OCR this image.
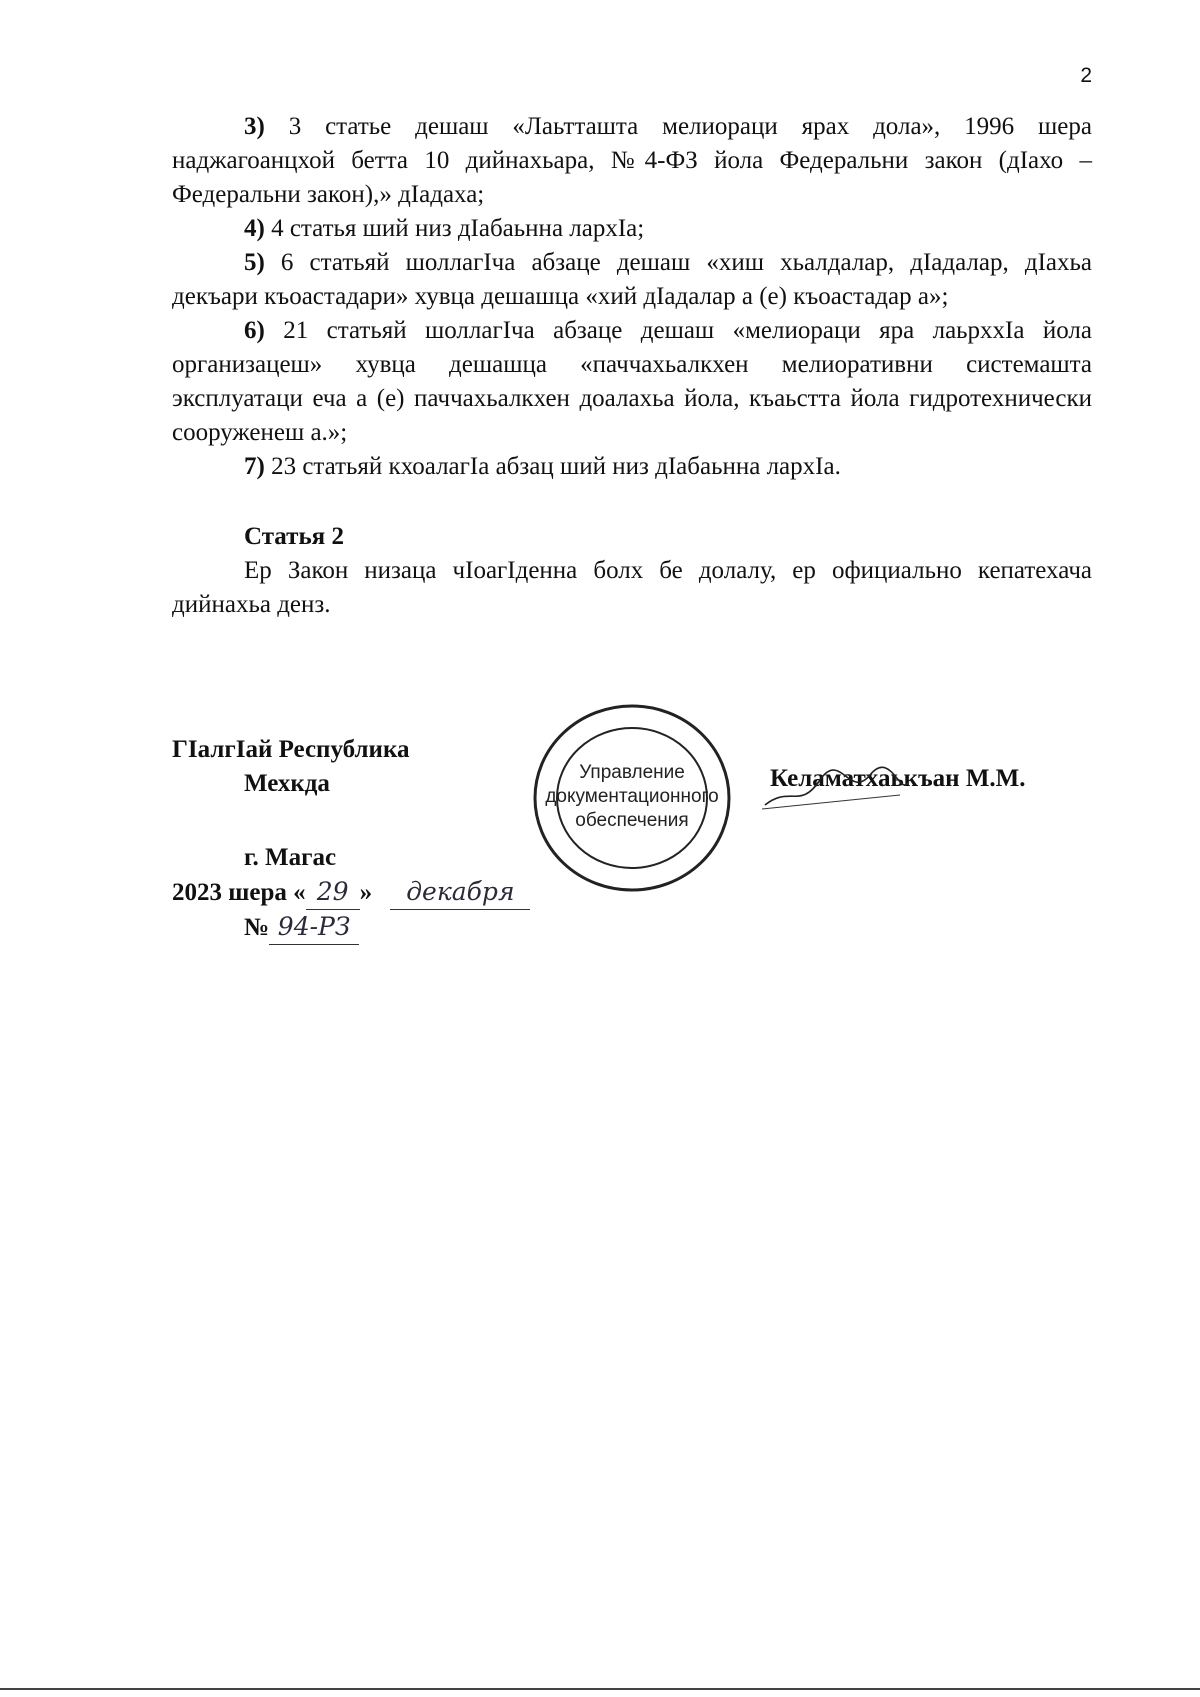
2

3) 3 статье дешаш «Лаьтташта мелиораци ярах дола», 1996 шера наджагоанцхой бетта 10 дийнахьара, №4-ФЗ йола Федеральни закон (дІахо – Федеральни закон),» дІадаха;

4) 4 статья ший низ дІабаьнна лархІа;

5) 6 статьяй шоллагІча абзаце дешаш «хиш хьалдалар, дІадалар, дІахьа декъари къоастадари» хувца дешашца «хий дІадалар а (е) къоастадар а»;

6) 21 статьяй шоллагІча абзаце дешаш «мелиораци яра лаьрххІа йола организацеш» хувца дешашца «паччахьалкхен мелиоративни системашта эксплуатаци еча а (е) паччахьалкхен доалахьа йола, къаьстта йола гидротехнически сооруженеш а.»;

7) 23 статьяй кхоалагІа абзац ший низ дІабаьнна лархІа.

Статья 2

Ер Закон низаца чІоагІденна болх бе долалу, ер официально кепатехача дийнахьа денз.

ГІалгІай Республика
Мехкда
г. Магас
2023 шера « 29 » декабря
№ 94-РЗ
Управление
документационного
обеспечения
Келаматхаькъан М.М.
